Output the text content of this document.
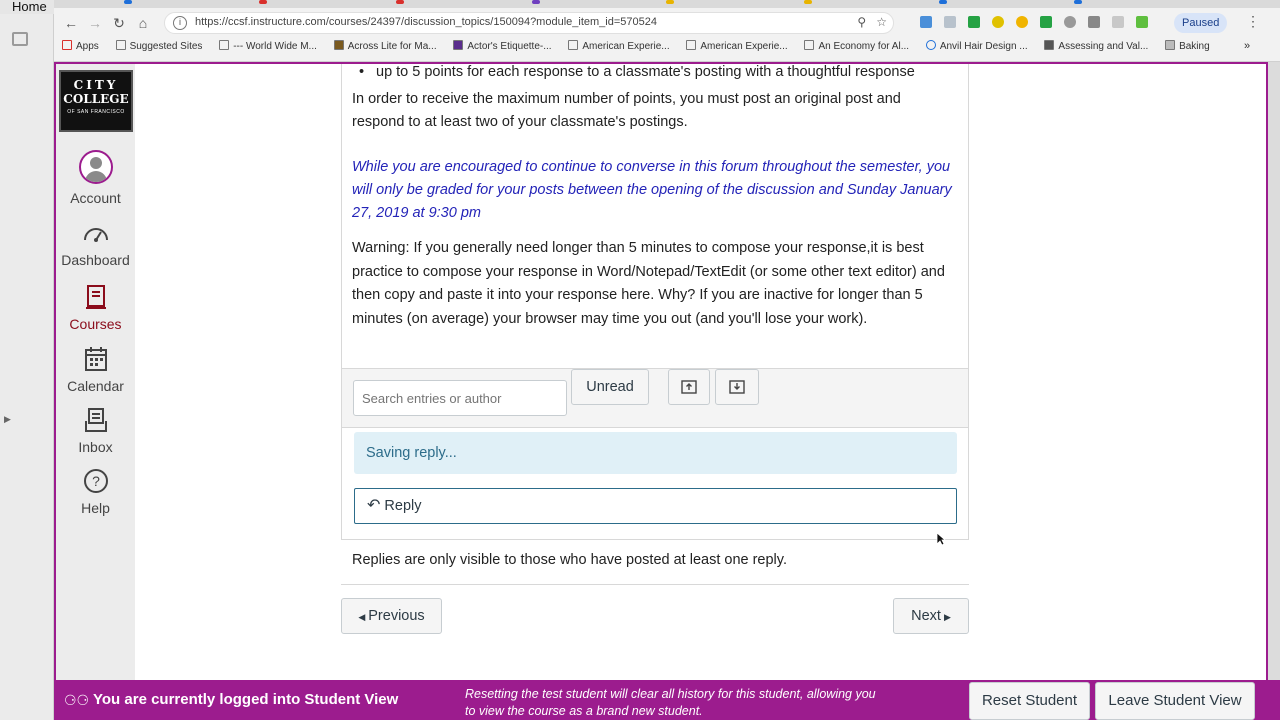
Home
▶
← → ↻ ⌂	i	https://ccsf.instructure.com/courses/24397/discussion_topics/150094?module_item_id=570524	⚲ ☆	Paused	⋮
Apps	Suggested Sites	--- World Wide M...	Across Lite for Ma...	Actor's Etiquette-...	American Experie...	American Experie...	An Economy for Al...	Anvil Hair Design ...	Assessing and Val...	Baking	»
CITY
COLLEGE
OF SAN FRANCISCO
Account
Dashboard
Courses
Calendar
Inbox
?
Help
• up to 5 points for each response to a classmate's posting with a thoughtful response
In order to receive the maximum number of points, you must post an original post and respond to at least two of your classmate's postings.
While you are encouraged to continue to converse in this forum throughout the semester, you will only be graded for your posts between the opening of the discussion and Sunday January 27, 2019 at 9:30 pm
Warning: If you generally need longer than 5 minutes to compose your response,it is best practice to compose your response in Word/Notepad/TextEdit (or some other text editor) and then copy and paste it into your response here. Why? If you are inactive for longer than 5 minutes (on average) your browser may time you out (and you'll lose your work).
Search entries or author
Unread
Saving reply...
↶ Reply
Replies are only visible to those who have posted at least one reply.
◀ Previous	Next ▶
⚆⚆ You are currently logged into Student View	Resetting the test student will clear all history for this student, allowing you to view the course as a brand new student.
Reset Student	Leave Student View
